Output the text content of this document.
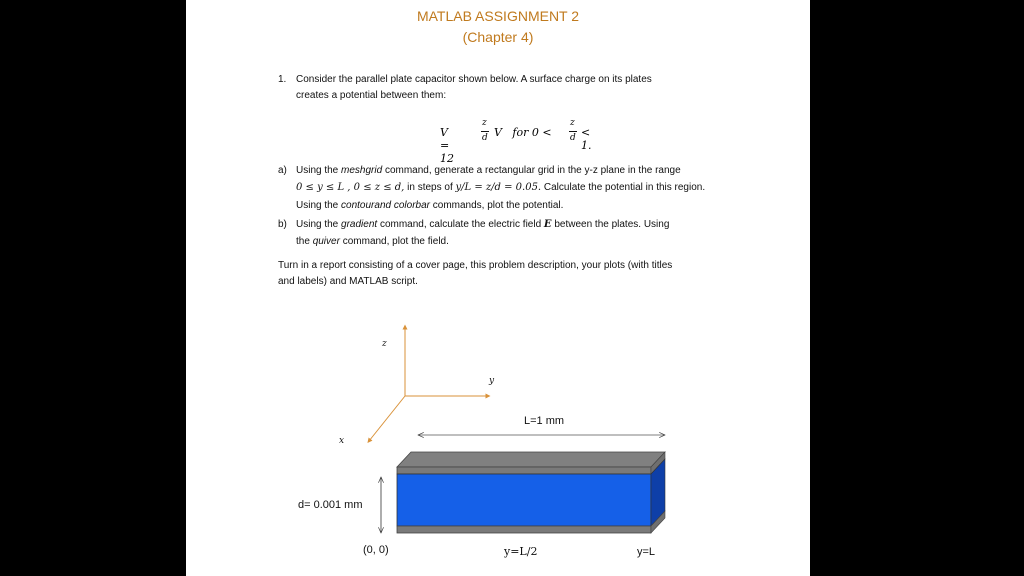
MATLAB ASSIGNMENT 2
(Chapter 4)
1. Consider the parallel plate capacitor shown below. A surface charge on its plates
creates a potential between them:
V = 12
z
d V   for 0 <
z
d < 1.
a) Using the meshgrid command, generate a rectangular grid in the y-z plane in the range
0 ≤ y ≤ L , 0 ≤ z ≤ d, in steps of y/L = z/d = 0.05. Calculate the potential in this region.
Using the contourand colorbar commands, plot the potential.
b) Using the gradient command, calculate the electric field E between the plates. Using
the quiver command, plot the field.
Turn in a report consisting of a cover page, this problem description, your plots (with titles
and labels) and MATLAB script.
z
y
x
L=1 mm
d= 0.001 mm
(0, 0)	y=L/2	y=L
